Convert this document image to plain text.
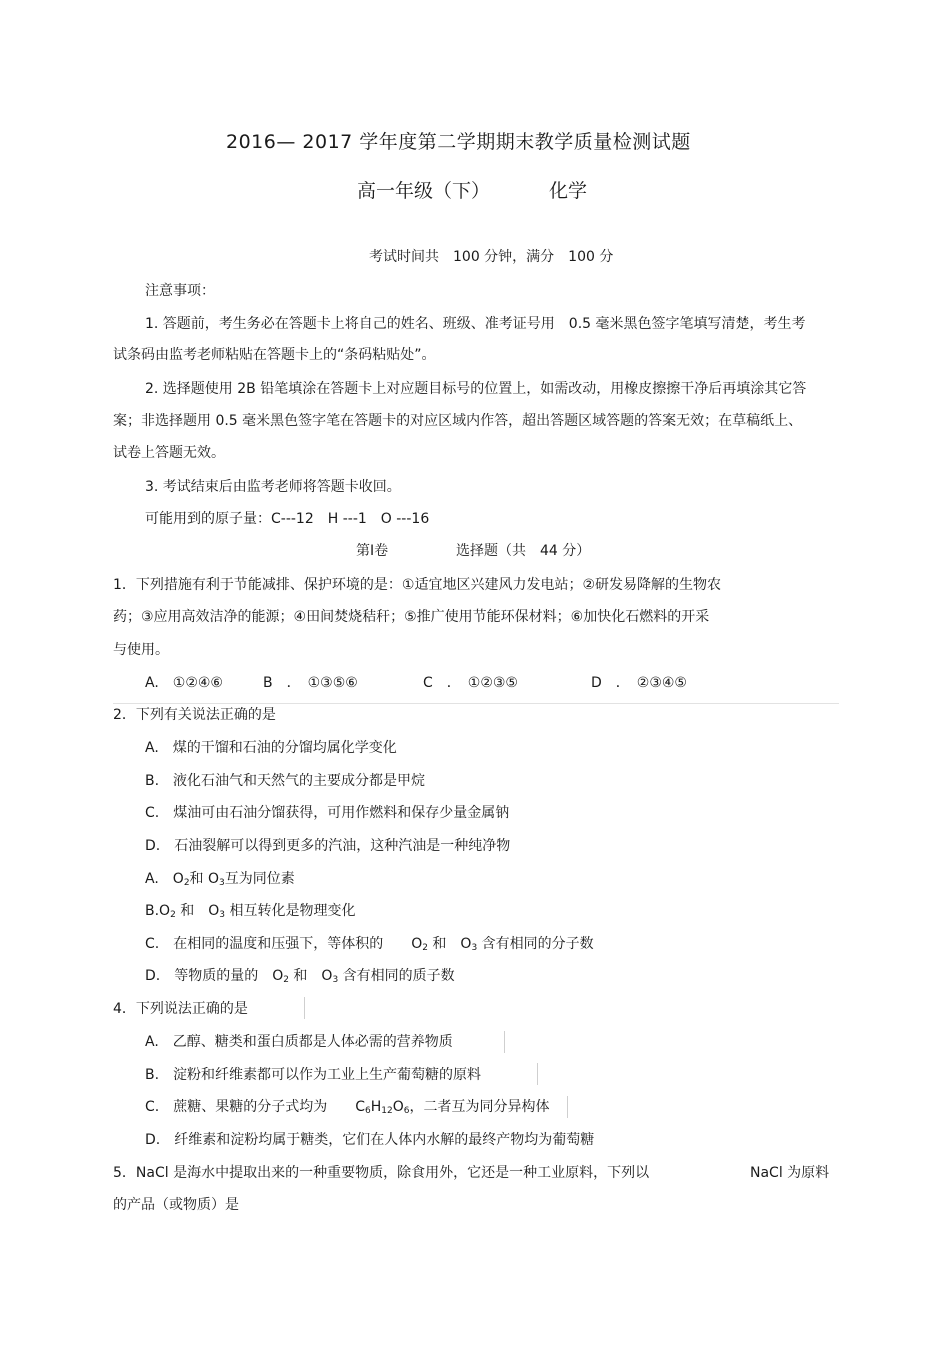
2016— 2017 学年度第二学期期末教学质量检测试题
高一年级（下）	化学
考试时间共　100 分钟，满分　100 分
注意事项：
1. 答题前，考生务必在答题卡上将自己的姓名、班级、准考证号用　0.5 毫米黑色签字笔填写清楚，考生考
试条码由监考老师粘贴在答题卡上的“条码粘贴处”。
2. 选择题使用 2B 铅笔填涂在答题卡上对应题目标号的位置上，如需改动，用橡皮擦擦干净后再填涂其它答
案；非选择题用 0.5 毫米黑色签字笔在答题卡的对应区域内作答，超出答题区域答题的答案无效；在草稿纸上、
试卷上答题无效。
3. 考试结束后由监考老师将答题卡收回。
可能用到的原子量：C---12　H ---1　O ---16
第Ⅰ卷	选择题（共　44 分）
1．下列措施有利于节能减排、保护环境的是：①适宜地区兴建风力发电站；②研发易降解的生物农
药；③应用高效洁净的能源；④田间焚烧秸秆；⑤推广使用节能环保材料；⑥加快化石燃料的开采
与使用。
A.　①②④⑥	B　．　①③⑤⑥	C　．　①②③⑤	D　．　②③④⑤
2．下列有关说法正确的是
A.　煤的干馏和石油的分馏均属化学变化
B.　液化石油气和天然气的主要成分都是甲烷
C.　煤油可由石油分馏获得，可用作燃料和保存少量金属钠
D.　石油裂解可以得到更多的汽油，这种汽油是一种纯净物
A.　$O_2$和 $O_3$互为同位素
$B.O_2$ 和　$O_3$ 相互转化是物理变化
C.　在相同的温度和压强下，等体积的　　$O_2$ 和　$O_3$ 含有相同的分子数
D.　等物质的量的　$O_2$ 和　$O_3$ 含有相同的质子数
4．下列说法正确的是
A.　乙醇、糖类和蛋白质都是人体必需的营养物质
B.　淀粉和纤维素都可以作为工业上生产葡萄糖的原料
C.　蔗糖、果糖的分子式均为　　$C_6H_{12}O_6$，二者互为同分异构体
D.　纤维素和淀粉均属于糖类，它们在人体内水解的最终产物均为葡萄糖
5．NaCl 是海水中提取出来的一种重要物质，除食用外，它还是一种工业原料，下列以	NaCl 为原料
的产品（或物质）是
